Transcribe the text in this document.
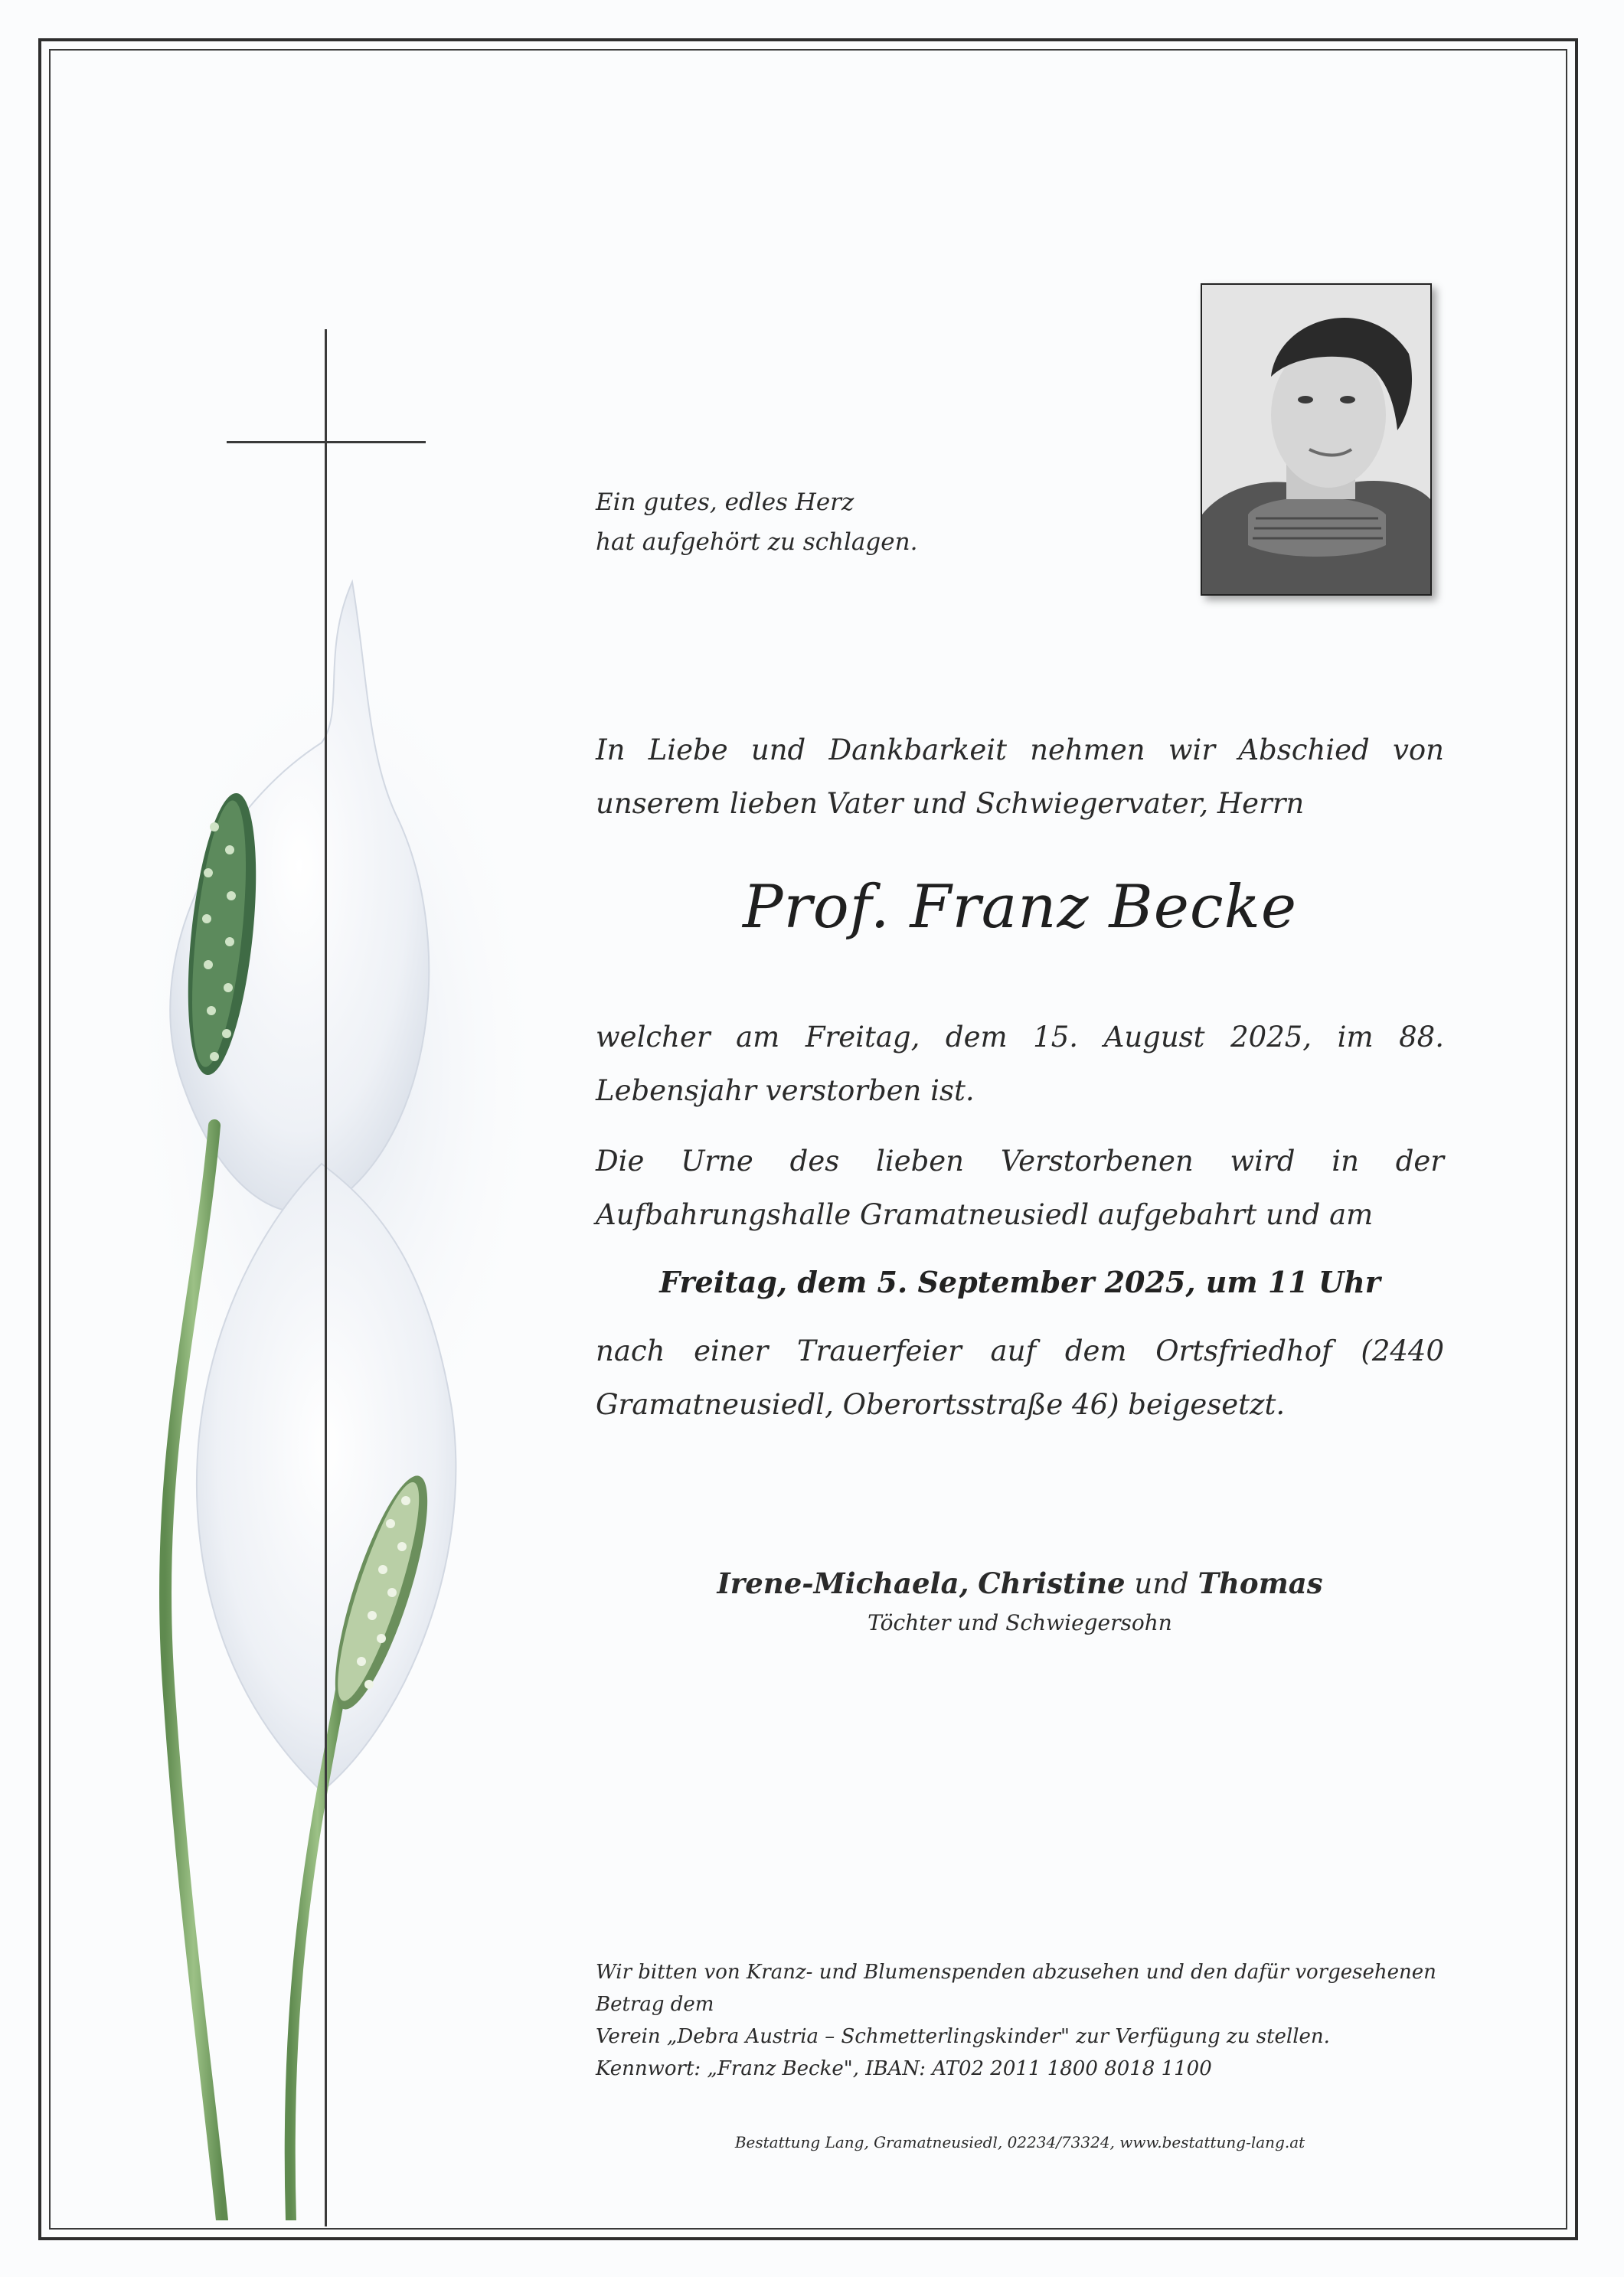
Ein gutes, edles Herz
hat aufgehört zu schlagen.
In Liebe und Dankbarkeit nehmen wir Abschied von unserem lieben Vater und Schwiegervater, Herrn
Prof. Franz Becke
welcher am Freitag, dem 15. August 2025, im 88. Lebensjahr verstorben ist.
Die Urne des lieben Verstorbenen wird in der Aufbahrungshalle Gramatneusiedl aufgebahrt und am
Freitag, dem 5. September 2025, um 11 Uhr
nach einer Trauerfeier auf dem Ortsfriedhof (2440 Gramatneusiedl, Oberortsstraße 46) beigesetzt.
Irene-Michaela, Christine und Thomas
Töchter und Schwiegersohn
Wir bitten von Kranz- und Blumenspenden abzusehen und den dafür vorgesehenen Betrag dem
Verein „Debra Austria – Schmetterlingskinder" zur Verfügung zu stellen.
Kennwort: „Franz Becke", IBAN: AT02 2011 1800 8018 1100
Bestattung Lang, Gramatneusiedl, 02234/73324, www.bestattung-lang.at
